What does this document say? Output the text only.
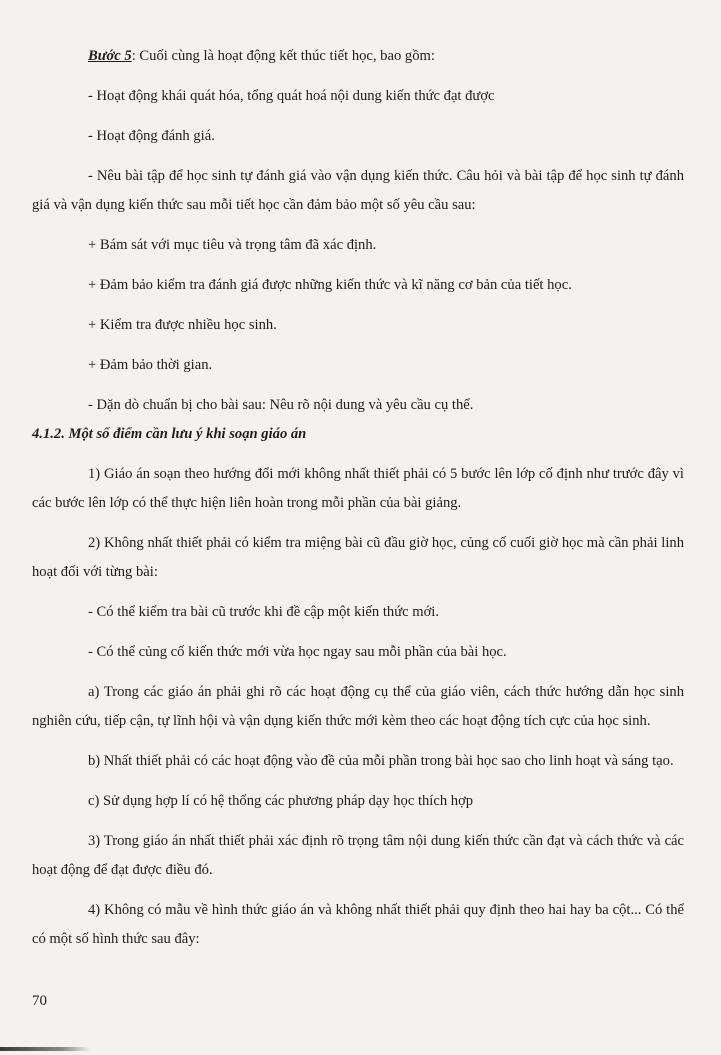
Bước 5: Cuối cùng là hoạt động kết thúc tiết học, bao gồm:

- Hoạt động khái quát hóa, tổng quát hoá nội dung kiến thức đạt được

- Hoạt động đánh giá.

- Nêu bài tập để học sinh tự đánh giá vào vận dụng kiến thức. Câu hỏi và bài tập để học sinh tự đánh giá và vận dụng kiến thức sau mỗi tiết học cần đảm bảo một số yêu cầu sau:

+ Bám sát với mục tiêu và trọng tâm đã xác định.

+ Đảm bảo kiểm tra đánh giá được những kiến thức và kĩ năng cơ bản của tiết học.

+ Kiểm tra được nhiều học sinh.

+ Đảm bảo thời gian.

- Dặn dò chuẩn bị cho bài sau: Nêu rõ nội dung và yêu cầu cụ thể.

4.1.2. Một số điểm cần lưu ý khi soạn giáo án

1) Giáo án soạn theo hướng đổi mới không nhất thiết phải có 5 bước lên lớp cố định như trước đây vì các bước lên lớp có thể thực hiện liên hoàn trong mỗi phần của bài giảng.

2) Không nhất thiết phải có kiểm tra miệng bài cũ đầu giờ học, củng cố cuối giờ học mà cần phải linh hoạt đối với từng bài:

- Có thể kiểm tra bài cũ trước khi đề cập một kiến thức mới.

- Có thể củng cố kiến thức mới vừa học ngay sau mỗi phần của bài học.

a) Trong các giáo án phải ghi rõ các hoạt động cụ thể của giáo viên, cách thức hướng dẫn học sinh nghiên cứu, tiếp cận, tự lĩnh hội và vận dụng kiến thức mới kèm theo các hoạt động tích cực của học sinh.

b) Nhất thiết phải có các hoạt động vào đề của mỗi phần trong bài học sao cho linh hoạt và sáng tạo.

c) Sử dụng hợp lí có hệ thống các phương pháp dạy học thích hợp

3) Trong giáo án nhất thiết phải xác định rõ trọng tâm nội dung kiến thức cần đạt và cách thức và các hoạt động để đạt được điều đó.

4) Không có mẫu về hình thức giáo án và không nhất thiết phải quy định theo hai hay ba cột... Có thể có một số hình thức sau đây:

70
